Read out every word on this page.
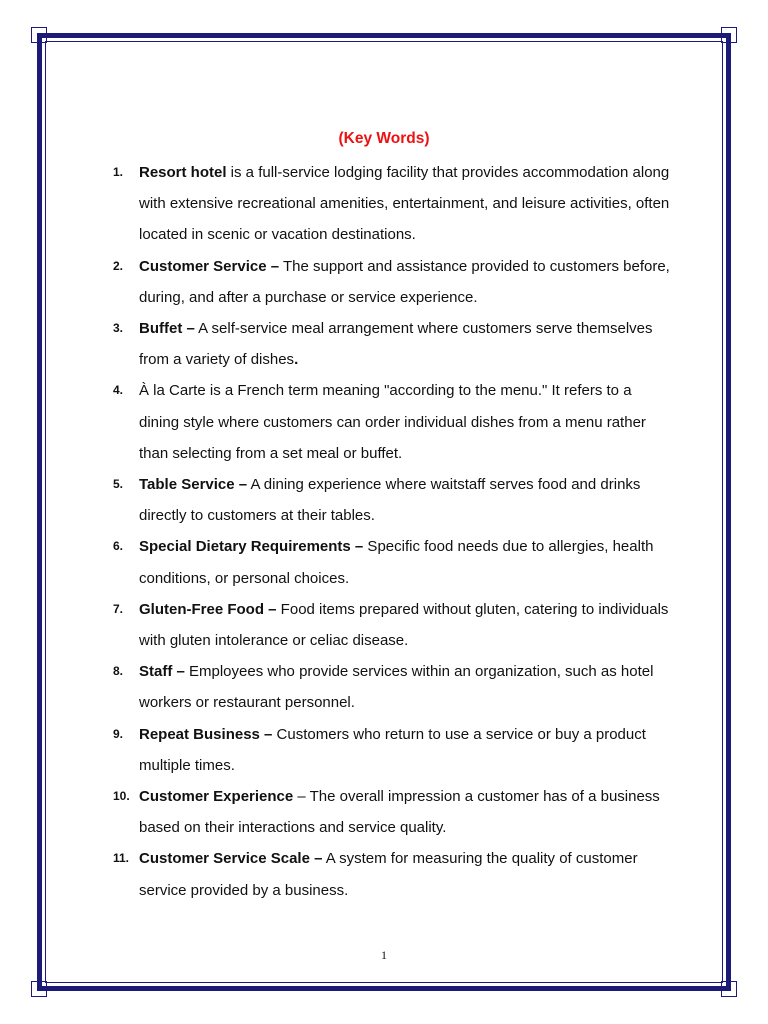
(Key Words)
1. Resort hotel is a full-service lodging facility that provides accommodation along with extensive recreational amenities, entertainment, and leisure activities, often located in scenic or vacation destinations.
2. Customer Service – The support and assistance provided to customers before, during, and after a purchase or service experience.
3. Buffet – A self-service meal arrangement where customers serve themselves from a variety of dishes.
4. À la Carte is a French term meaning "according to the menu." It refers to a dining style where customers can order individual dishes from a menu rather than selecting from a set meal or buffet.
5. Table Service – A dining experience where waitstaff serves food and drinks directly to customers at their tables.
6. Special Dietary Requirements – Specific food needs due to allergies, health conditions, or personal choices.
7. Gluten-Free Food – Food items prepared without gluten, catering to individuals with gluten intolerance or celiac disease.
8. Staff – Employees who provide services within an organization, such as hotel workers or restaurant personnel.
9. Repeat Business – Customers who return to use a service or buy a product multiple times.
10. Customer Experience – The overall impression a customer has of a business based on their interactions and service quality.
11. Customer Service Scale – A system for measuring the quality of customer service provided by a business.
1
